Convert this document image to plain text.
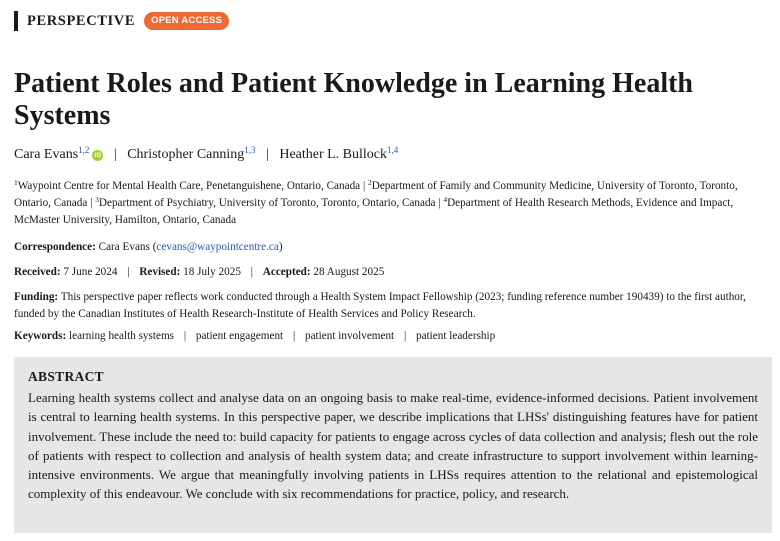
PERSPECTIVE	OPEN ACCESS
Patient Roles and Patient Knowledge in Learning Health Systems
Cara Evans$^{1,2}$iD | Christopher Canning$^{1,3}$ | Heather L. Bullock$^{1,4}$
$^1$Waypoint Centre for Mental Health Care, Penetanguishene, Ontario, Canada | $^2$Department of Family and Community Medicine, University of Toronto, Toronto, Ontario, Canada | $^3$Department of Psychiatry, University of Toronto, Toronto, Ontario, Canada | $^4$Department of Health Research Methods, Evidence and Impact, McMaster University, Hamilton, Ontario, Canada
Correspondence: Cara Evans (cevans@waypointcentre.ca)
Received: 7 June 2024 | Revised: 18 July 2025 | Accepted: 28 August 2025
Funding: This perspective paper reflects work conducted through a Health System Impact Fellowship (2023; funding reference number 190439) to the first author, funded by the Canadian Institutes of Health Research-Institute of Health Services and Policy Research.
Keywords: learning health systems | patient engagement | patient involvement | patient leadership
ABSTRACT

Learning health systems collect and analyse data on an ongoing basis to make real-time, evidence-informed decisions. Patient involvement is central to learning health systems. In this perspective paper, we describe implications that LHSs' distinguishing features have for patient involvement. These include the need to: build capacity for patients to engage across cycles of data collection and analysis; flesh out the role of patients with respect to collection and analysis of health system data; and create infrastructure to support involvement within learning-intensive environments. We argue that meaningfully involving patients in LHSs requires attention to the relational and epistemological complexity of this endeavour. We conclude with six recommendations for practice, policy, and research.
